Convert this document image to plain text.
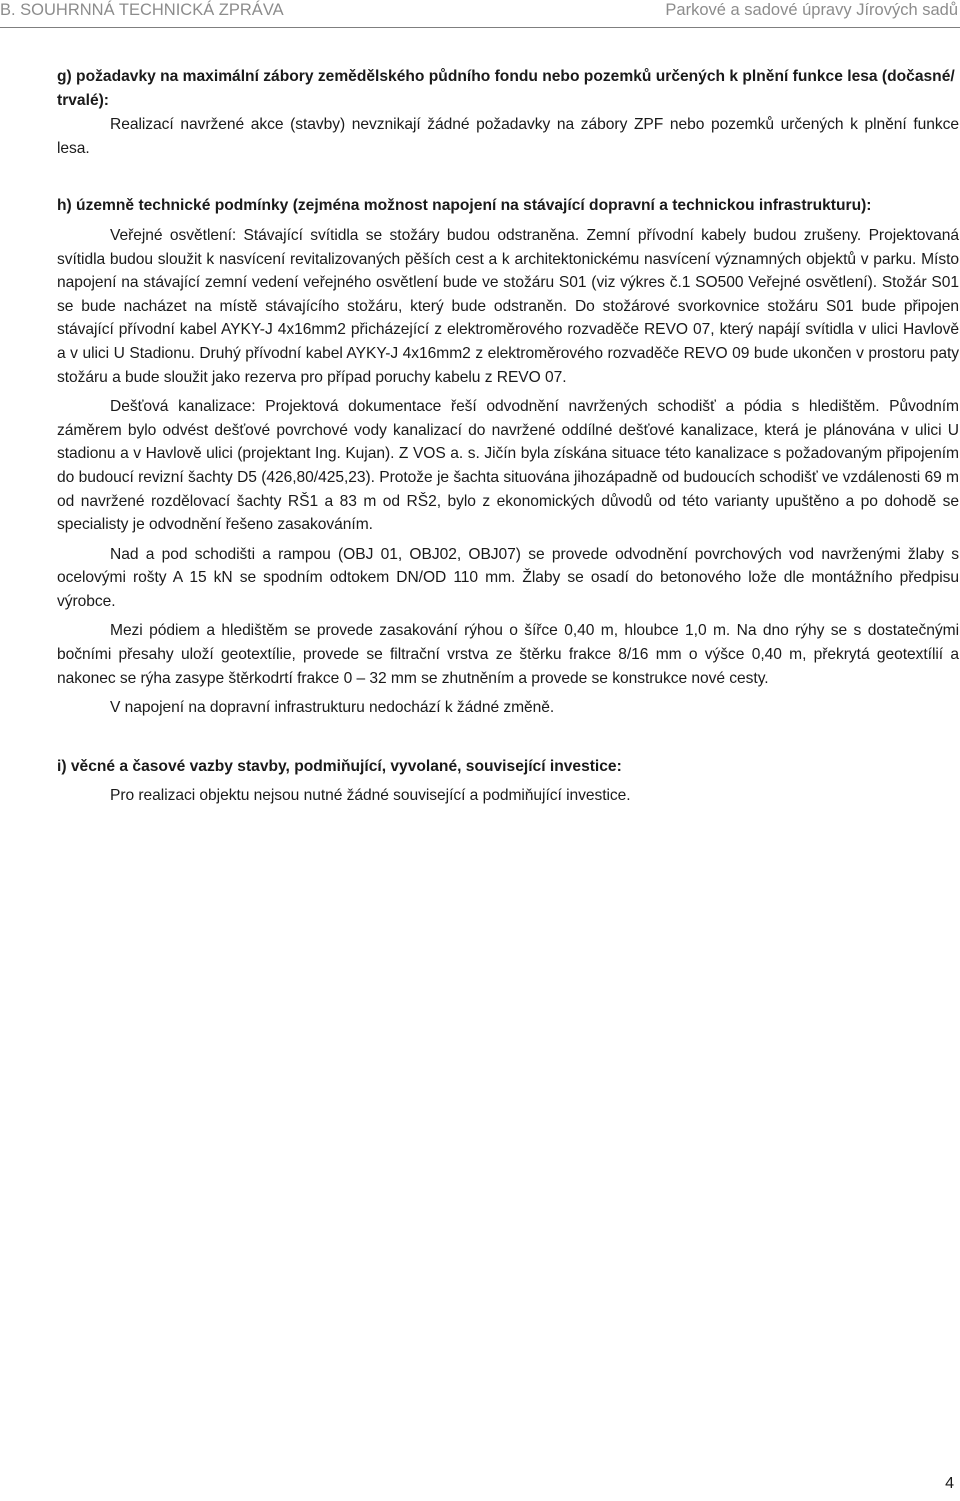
B. SOUHRNNÁ TECHNICKÁ ZPRÁVA	Parkové a sadové úpravy Jírových sadů

g) požadavky na maximální zábory zemědělského půdního fondu nebo pozemků určených k plnění funkce lesa (dočasné/ trvalé):

Realizací navržené akce (stavby) nevznikají žádné požadavky na zábory ZPF nebo pozemků určených k plnění funkce lesa.

h) územně technické podmínky (zejména možnost napojení na stávající dopravní a technickou infrastrukturu):

Veřejné osvětlení: Stávající svítidla se stožáry budou odstraněna. Zemní přívodní kabely budou zrušeny. Projektovaná svítidla budou sloužit k nasvícení revitalizovaných pěších cest a k architektonickému nasvícení významných objektů v parku. Místo napojení na stávající zemní vedení veřejného osvětlení bude ve stožáru S01 (viz výkres č.1 SO500 Veřejné osvětlení). Stožár S01 se bude nacházet na místě stávajícího stožáru, který bude odstraněn. Do stožárové svorkovnice stožáru S01 bude připojen stávající přívodní kabel AYKY-J 4x16mm2 přicházející z elektroměrového rozvaděče REVO 07, který napájí svítidla v ulici Havlově a v ulici U Stadionu. Druhý přívodní kabel AYKY-J 4x16mm2 z elektroměrového rozvaděče REVO 09 bude ukončen v prostoru paty stožáru a bude sloužit jako rezerva pro případ poruchy kabelu z REVO 07.

Dešťová kanalizace: Projektová dokumentace řeší odvodnění navržených schodišť a pódia s hledištěm. Původním záměrem bylo odvést dešťové povrchové vody kanalizací do navržené oddílné dešťové kanalizace, která je plánována v ulici U stadionu a v Havlově ulici (projektant Ing. Kujan). Z VOS a. s. Jičín byla získána situace této kanalizace s požadovaným připojením do budoucí revizní šachty D5 (426,80/425,23). Protože je šachta situována jihozápadně od budoucích schodišť ve vzdálenosti 69 m od navržené rozdělovací šachty RŠ1 a 83 m od RŠ2, bylo z ekonomických důvodů od této varianty upuštěno a po dohodě se specialisty je odvodnění řešeno zasakováním.

Nad a pod schodišti a rampou (OBJ 01, OBJ02, OBJ07) se provede odvodnění povrchových vod navrženými žlaby s ocelovými rošty A 15 kN se spodním odtokem DN/OD 110 mm. Žlaby se osadí do betonového lože dle montážního předpisu výrobce.

Mezi pódiem a hledištěm se provede zasakování rýhou o šířce 0,40 m, hloubce 1,0 m. Na dno rýhy se s dostatečnými bočními přesahy uloží geotextílie, provede se filtrační vrstva ze štěrku frakce 8/16 mm o výšce 0,40 m, překrytá geotextílií a nakonec se rýha zasype štěrkodrtí frakce 0 – 32 mm se zhutněním a provede se konstrukce nové cesty.

V napojení na dopravní infrastrukturu nedochází k žádné změně.

i) věcné a časové vazby stavby, podmiňující, vyvolané, související investice:

Pro realizaci objektu nejsou nutné žádné související a podmiňující investice.

4
